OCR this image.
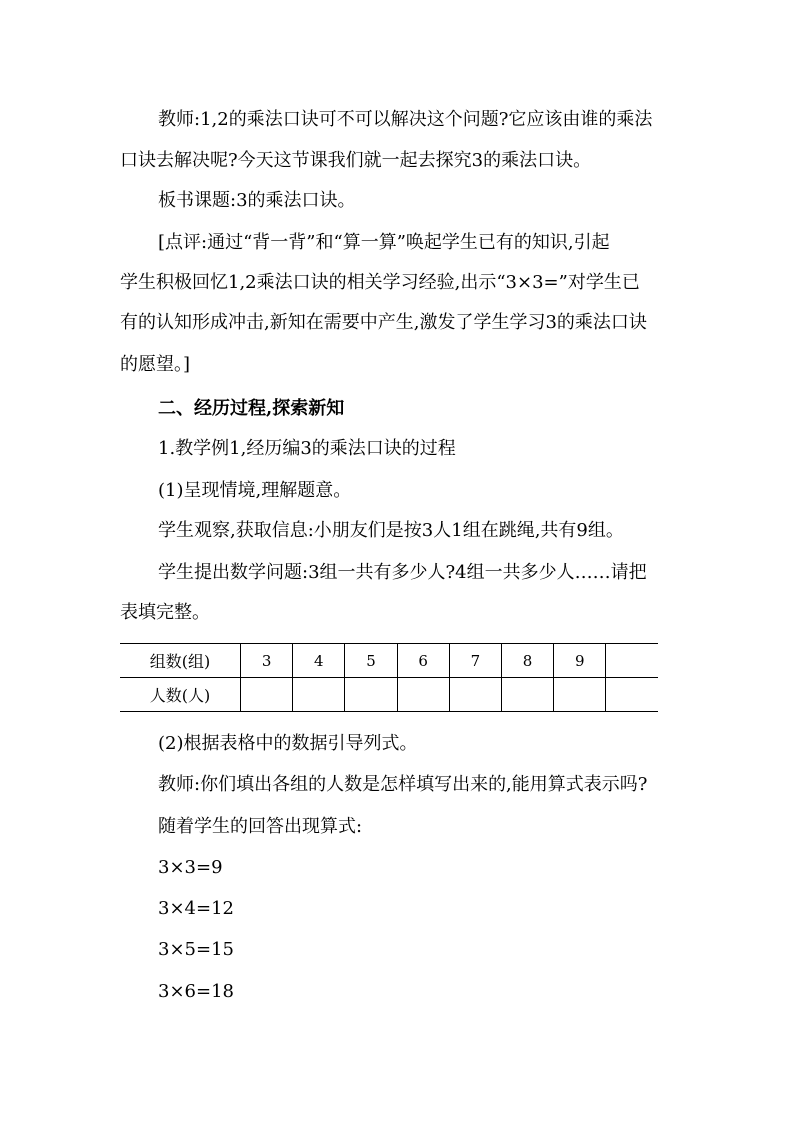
教师:1,2的乘法口诀可不可以解决这个问题?它应该由谁的乘法

口诀去解决呢?今天这节课我们就一起去探究3的乘法口诀。

板书课题:3的乘法口诀。

[点评:通过“背一背”和“算一算”唤起学生已有的知识,引起

学生积极回忆1,2乘法口诀的相关学习经验,出示“3×3=”对学生已

有的认知形成冲击,新知在需要中产生,激发了学生学习3的乘法口诀

的愿望。]

二、经历过程,探索新知

1.教学例1,经历编3的乘法口诀的过程

(1)呈现情境,理解题意。

学生观察,获取信息:小朋友们是按3人1组在跳绳,共有9组。

学生提出数学问题:3组一共有多少人?4组一共多少人……请把

表填完整。

组数(组)	3	4	5	6	7	8	9	
人数(人)								

(2)根据表格中的数据引导列式。

教师:你们填出各组的人数是怎样填写出来的,能用算式表示吗?

随着学生的回答出现算式:

3×3=9

3×4=12

3×5=15

3×6=18
